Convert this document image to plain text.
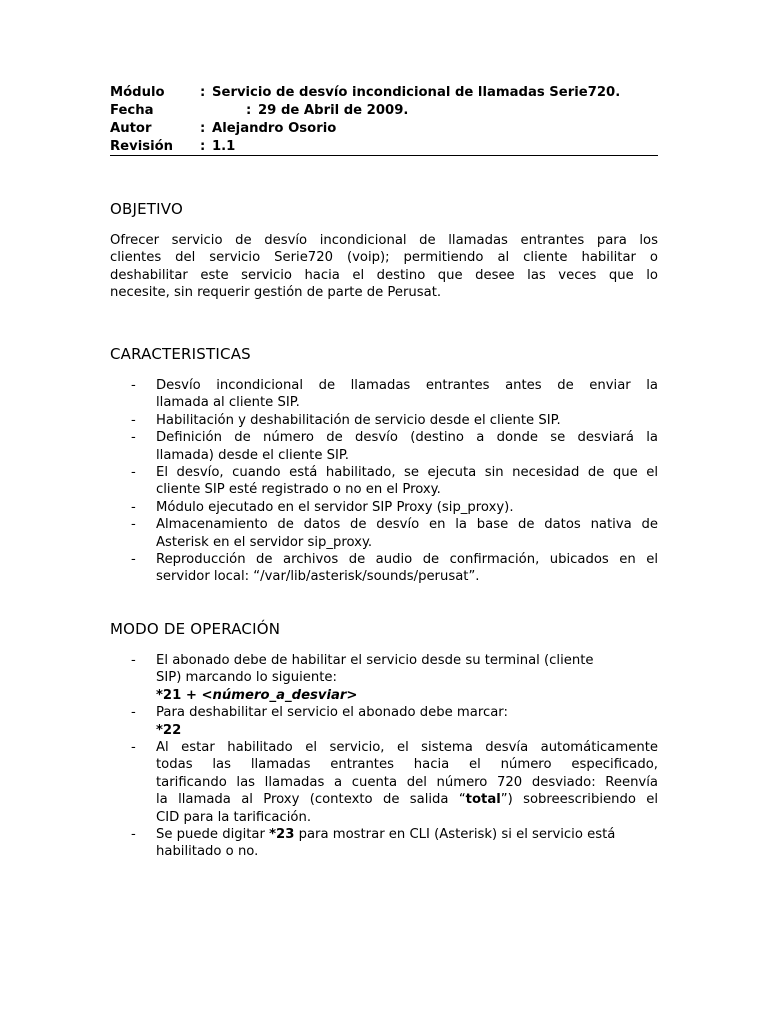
Módulo	: Servicio de desvío incondicional de llamadas Serie720.
Fecha	: 29 de Abril de 2009.
Autor	: Alejandro Osorio
Revisión : 1.1
OBJETIVO
Ofrecer servicio de desvío incondicional de llamadas entrantes para los
clientes del servicio Serie720 (voip); permitiendo al cliente habilitar o
deshabilitar este servicio hacia el destino que desee las veces que lo
necesite, sin requerir gestión de parte de Perusat.
CARACTERISTICAS
- Desvío incondicional de llamadas entrantes antes de enviar la
llamada al cliente SIP.
- Habilitación y deshabilitación de servicio desde el cliente SIP.
- Definición de número de desvío (destino a donde se desviará la
llamada) desde el cliente SIP.
- El desvío, cuando está habilitado, se ejecuta sin necesidad de que el
cliente SIP esté registrado o no en el Proxy.
- Módulo ejecutado en el servidor SIP Proxy (sip_proxy).
- Almacenamiento de datos de desvío en la base de datos nativa de
Asterisk en el servidor sip_proxy.
- Reproducción de archivos de audio de confirmación, ubicados en el
servidor local: “/var/lib/asterisk/sounds/perusat”.
MODO DE OPERACIÓN
- El abonado debe de habilitar el servicio desde su terminal (cliente
SIP) marcando lo siguiente:
*21 + <número_a_desviar>
- Para deshabilitar el servicio el abonado debe marcar:
*22
- Al estar habilitado el servicio, el sistema desvía automáticamente
todas las llamadas entrantes hacia el número especificado,
tarificando las llamadas a cuenta del número 720 desviado: Reenvía
la llamada al Proxy (contexto de salida “total”) sobreescribiendo el
CID para la tarificación.
- Se puede digitar *23 para mostrar en CLI (Asterisk) si el servicio está
habilitado o no.
